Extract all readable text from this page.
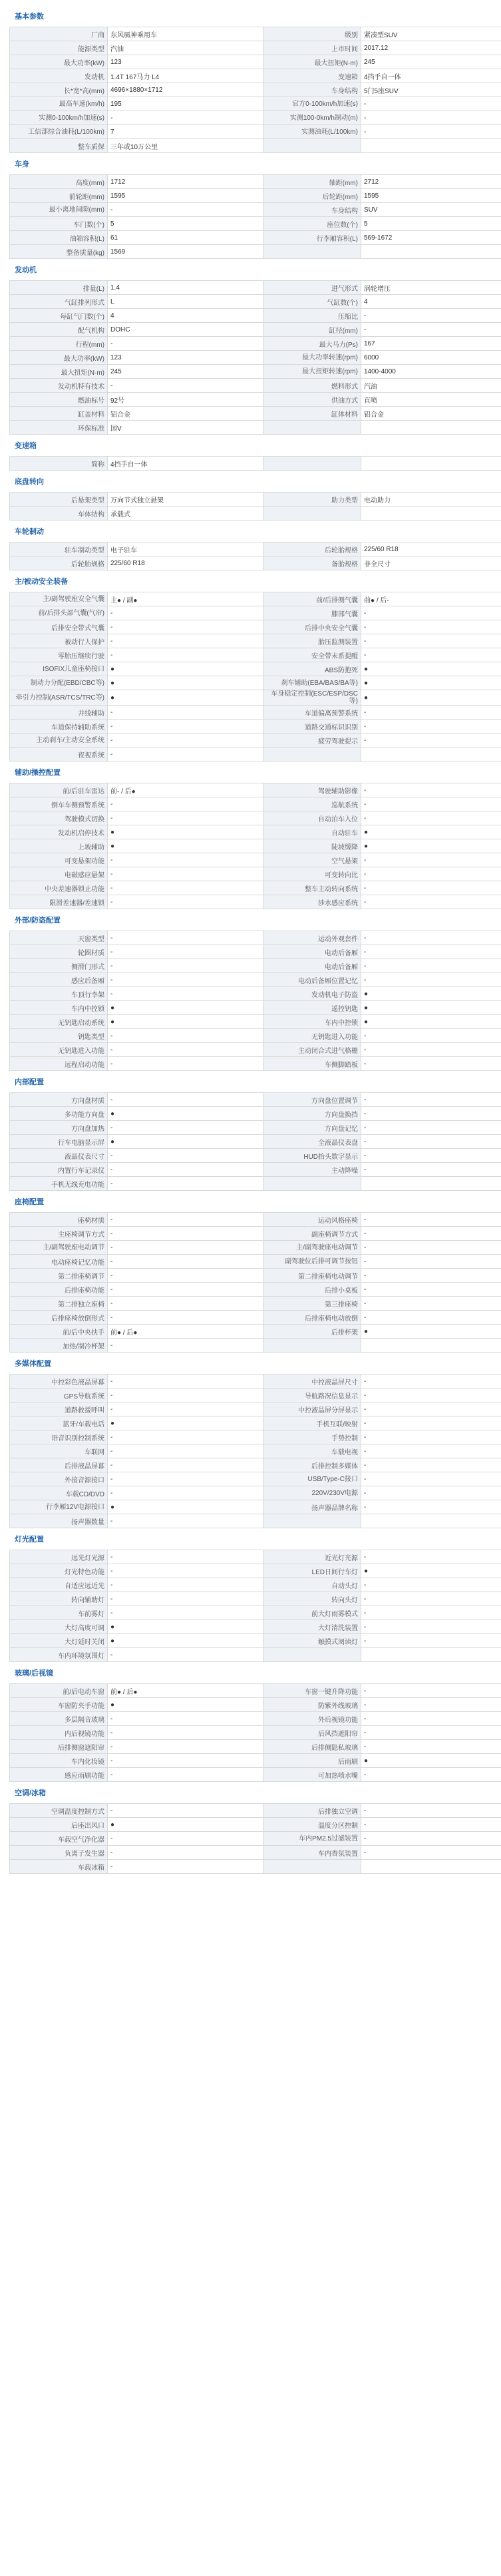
基本参数
厂商	东风風神乘用车	级别	紧凑型SUV
能源类型	汽油	上市时间	2017.12
最大功率(kW)	123	最大扭矩(N·m)	245
发动机	1.4T 167马力 L4	变速箱	4挡手自一体
长*宽*高(mm)	4696×1880×1712	车身结构	5门5座SUV
最高车速(km/h)	195	官方0-100km/h加速(s)	-
实测0-100km/h加速(s)	-	实测100-0km/h制动(m)	-
工信部综合油耗(L/100km)	7	实测油耗(L/100km)	-
整车质保	三年或10万公里		
车身
高度(mm)	1712	轴距(mm)	2712
前轮距(mm)	1595	后轮距(mm)	1595
最小离地间隙(mm)	-	车身结构	SUV
车门数(个)	5	座位数(个)	5
油箱容积(L)	61	行李厢容积(L)	569-1672
整备质量(kg)	1569		
发动机
排量(L)	1.4	进气形式	涡轮增压
气缸排列形式	L	气缸数(个)	4
每缸气门数(个)	4	压缩比	-
配气机构	DOHC	缸径(mm)	-
行程(mm)	-	最大马力(Ps)	167
最大功率(kW)	123	最大功率转速(rpm)	6000
最大扭矩(N·m)	245	最大扭矩转速(rpm)	1400-4000
发动机特有技术	-	燃料形式	汽油
燃油标号	92号	供油方式	直喷
缸盖材料	铝合金	缸体材料	铝合金
环保标准	国V		
变速箱
简称	4挡手自一体		
底盘转向
后悬架类型	万向节式独立悬架	助力类型	电动助力
车体结构	承载式		
车轮制动
驻车制动类型	电子驻车	后轮胎规格	225/60 R18
后轮胎规格	225/60 R18	备胎规格	非全尺寸
主/被动安全装备
主/副驾驶座安全气囊	主● / 副●	前/后排侧气囊	前● / 后-
前/后排头部气囊(气帘)	-	膝部气囊	-
后排安全带式气囊	-	后排中央安全气囊	-
被动行人保护	-	胎压监测装置	-
零胎压继续行驶	-	安全带未系提醒	-
ISOFIX儿童座椅接口	●	ABS防抱死	●
制动力分配(EBD/CBC等)	●	刹车辅助(EBA/BAS/BA等)	●
牵引力控制(ASR/TCS/TRC等)	●	车身稳定控制(ESC/ESP/DSC等)	●
并线辅助	-	车道偏离预警系统	-
车道保持辅助系统	-	道路交通标识识别	-
主动刹车/主动安全系统	-	疲劳驾驶提示	-
夜视系统	-		
辅助/操控配置
前/后驻车雷达	前- / 后●	驾驶辅助影像	-
倒车车侧预警系统	-	巡航系统	-
驾驶模式切换	-	自动泊车入位	-
发动机启停技术	●	自动驻车	●
上坡辅助	●	陡坡缓降	●
可变悬架功能	-	空气悬架	-
电磁感应悬架	-	可变转向比	-
中央差速器锁止功能	-	整车主动转向系统	-
限滑差速器/差速锁	-	涉水感应系统	-
外部/防盗配置
天窗类型	-	运动外观套件	-
轮圈材质	-	电动后备厢	-
侧滑门形式	-	电动后备厢	-
感应后备厢	-	电动后备厢位置记忆	-
车顶行李架	-	发动机电子防盗	●
车内中控锁	●	遥控钥匙	●
无钥匙启动系统	●	车内中控锁	●
钥匙类型	-	无钥匙进入功能	-
无钥匙进入功能	-	主动闭合式进气格栅	-
远程启动功能	-	车侧脚踏板	-
内部配置
方向盘材质	-	方向盘位置调节	-
多功能方向盘	●	方向盘换挡	-
方向盘加热	-	方向盘记忆	-
行车电脑显示屏	●	全液晶仪表盘	-
液晶仪表尺寸	-	HUD抬头数字显示	-
内置行车记录仪	-	主动降噪	-
手机无线充电功能	-		
座椅配置
座椅材质	-	运动风格座椅	-
主座椅调节方式	-	副座椅调节方式	-
主/副驾驶座电动调节	-	主/副驾驶座电动调节	-
电动座椅记忆功能	-	副驾驶位后排可调节按钮	-
第二排座椅调节	-	第二排座椅电动调节	-
后排座椅功能	-	后排小桌板	-
第二排独立座椅	-	第三排座椅	-
后排座椅放倒形式	-	后排座椅电动放倒	-
前/后中央扶手	前● / 后●	后排杯架	●
加热/制冷杯架	-		
多媒体配置
中控彩色液晶屏幕	-	中控液晶屏尺寸	-
GPS导航系统	-	导航路况信息显示	-
道路救援呼叫	-	中控液晶屏分屏显示	-
蓝牙/车载电话	●	手机互联/映射	-
语音识别控制系统	-	手势控制	-
车联网	-	车载电视	-
后排液晶屏幕	-	后排控制多媒体	-
外接音源接口	-	USB/Type-C接口	-
车载CD/DVD	-	220V/230V电源	-
行李厢12V电源接口	●	扬声器品牌名称	-
扬声器数量	-		
灯光配置
远光灯光源	-	近光灯光源	-
灯光特色功能	-	LED日间行车灯	●
自适应远近光	-	自动头灯	-
转向辅助灯	-	转向头灯	-
车前雾灯	-	前大灯雨雾模式	-
大灯高度可调	●	大灯清洗装置	-
大灯延时关闭	●	触摸式阅读灯	-
车内环境氛围灯	-		
玻璃/后视镜
前/后电动车窗	前● / 后●	车窗一键升降功能	-
车窗防夹手功能	●	防紫外线玻璃	-
多层隔音玻璃	-	外后视镜功能	-
内后视镜功能	-	后风挡遮阳帘	-
后排侧窗遮阳帘	-	后排侧隐私玻璃	-
车内化妆镜	-	后雨刷	●
感应雨刷功能	-	可加热喷水嘴	-
空调/冰箱
空调温度控制方式	-	后排独立空调	-
后座出风口	●	温度分区控制	-
车载空气净化器	-	车内PM2.5过滤装置	-
负离子发生器	-	车内香氛装置	-
车载冰箱	-		
